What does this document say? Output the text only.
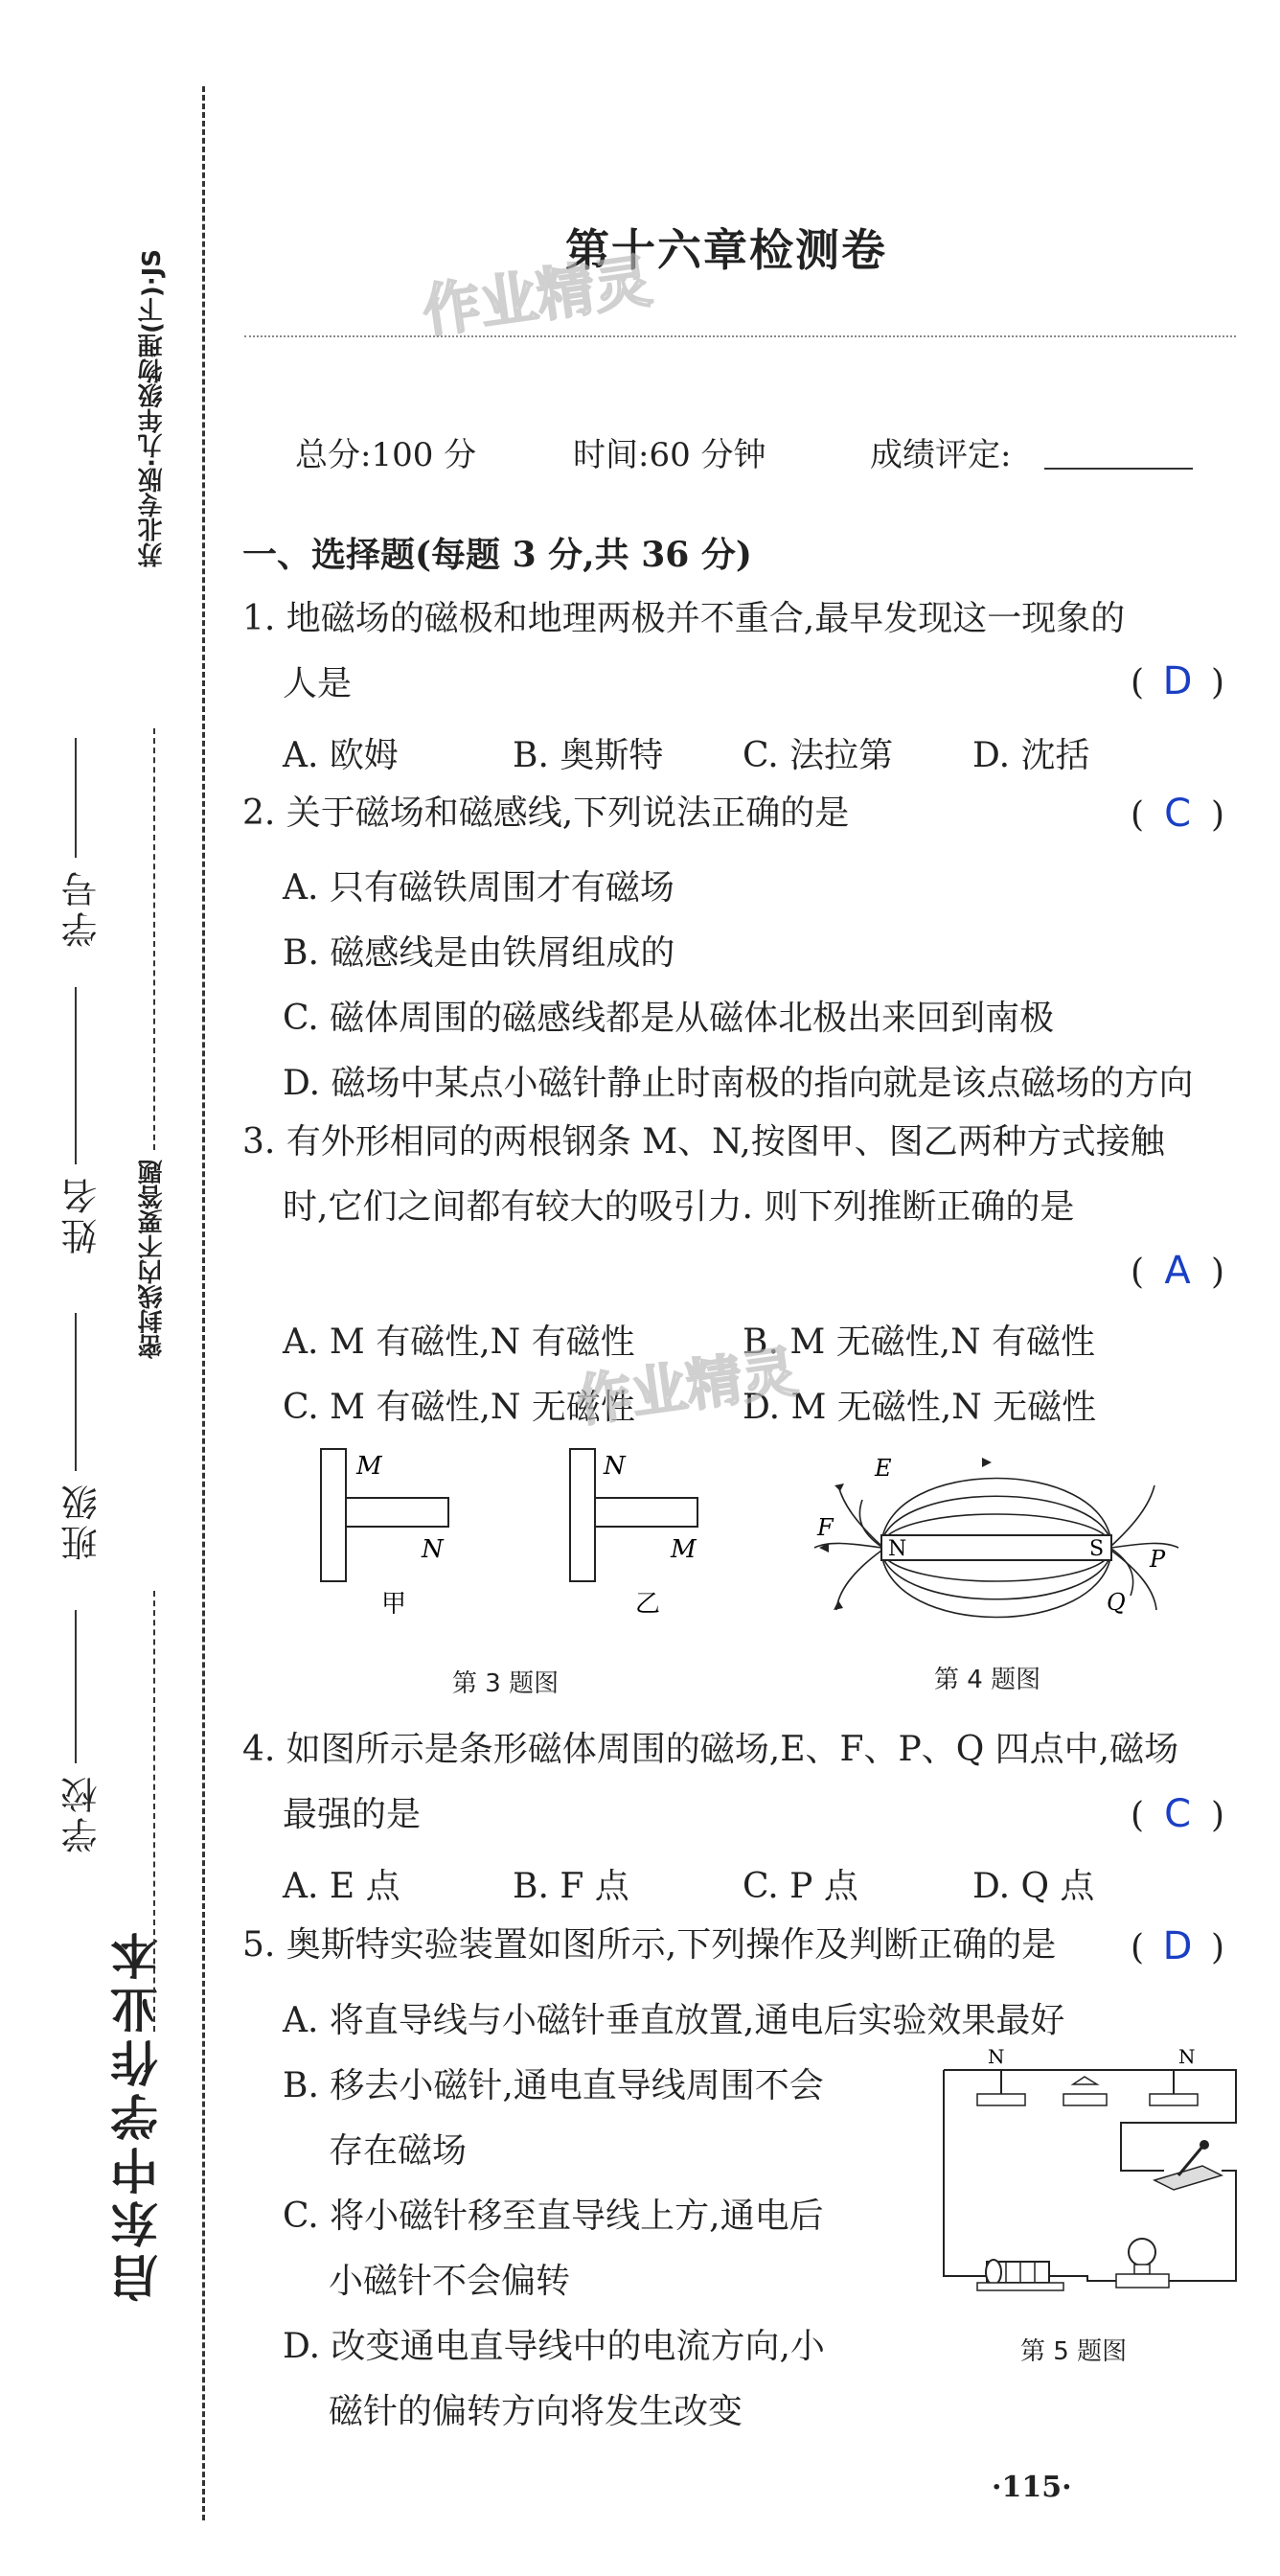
启东中学作业本
学校
班级
姓名
学号
密封线内不要答题
苏北专版·九年级物理(下)·JS	第十六章检测卷
作业精灵
总分:100 分	时间:60 分钟	成绩评定:
一、选择题(每题 3 分,共 36 分)
1. 地磁场的磁极和地理两极并不重合,最早发现这一现象的
人是	( D )
A. 欧姆	B. 奥斯特 C. 法拉第 D. 沈括
2. 关于磁场和磁感线,下列说法正确的是	( C )
A. 只有磁铁周围才有磁场
B. 磁感线是由铁屑组成的
C. 磁体周围的磁感线都是从磁体北极出来回到南极
D. 磁场中某点小磁针静止时南极的指向就是该点磁场的方向
3. 有外形相同的两根钢条 M、N,按图甲、图乙两种方式接触
时,它们之间都有较大的吸引力. 则下列推断正确的是
( A )
A. M 有磁性,N 有磁性	B. M 无磁性,N 有磁性
C. M 有磁性,N 无磁性	D. M 无磁性,N 无磁性
作业精灵
M
N
甲
N
M
乙
第 3 题图
N	S
E
F
P
Q
第 4 题图
4. 如图所示是条形磁体周围的磁场,E、F、P、Q 四点中,磁场
最强的是	( C )
A. E 点	B. F 点	C. P 点	D. Q 点
5. 奥斯特实验装置如图所示,下列操作及判断正确的是 ( D )
A. 将直导线与小磁针垂直放置,通电后实验效果最好
B. 移去小磁针,通电直导线周围不会
存在磁场
C. 将小磁针移至直导线上方,通电后
小磁针不会偏转
D. 改变通电直导线中的电流方向,小
磁针的偏转方向将发生改变
N	N
第 5 题图
·115·
